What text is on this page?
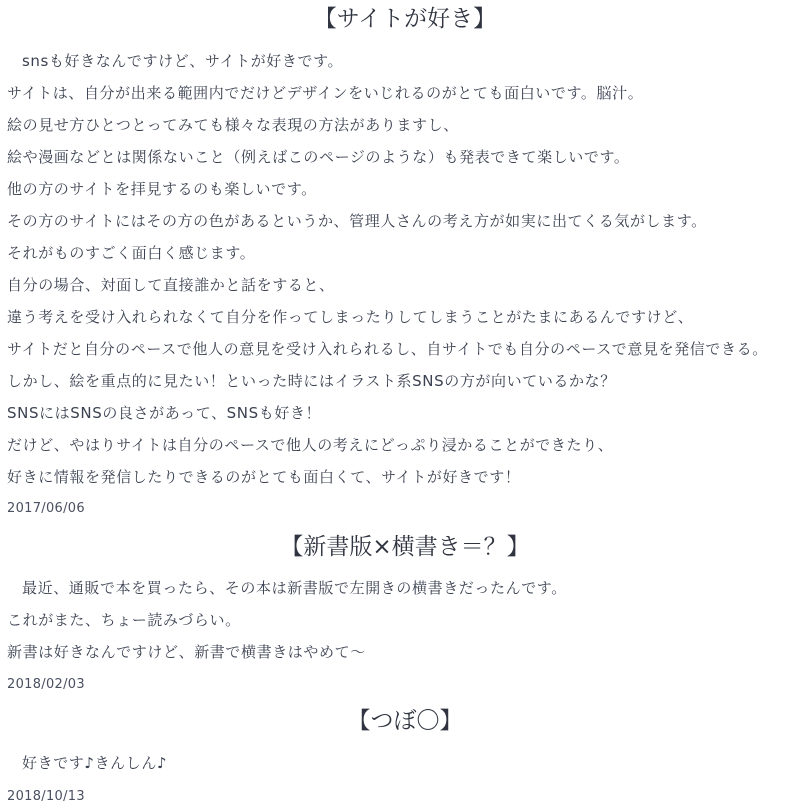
【サイトが好き】
snsも好きなんですけど、サイトが好きです。
サイトは、自分が出来る範囲内でだけどデザインをいじれるのがとても面白いです。脳汁。
絵の見せ方ひとつとってみても様々な表現の方法がありますし、
絵や漫画などとは関係ないこと（例えばこのページのような）も発表できて楽しいです。
他の方のサイトを拝見するのも楽しいです。
その方のサイトにはその方の色があるというか、管理人さんの考え方が如実に出てくる気がします。
それがものすごく面白く感じます。
自分の場合、対面して直接誰かと話をすると、
違う考えを受け入れられなくて自分を作ってしまったりしてしまうことがたまにあるんですけど、
サイトだと自分のペースで他人の意見を受け入れられるし、自サイトでも自分のペースで意見を発信できる。
しかし、絵を重点的に見たい！といった時にはイラスト系SNSの方が向いているかな？
SNSにはSNSの良さがあって、SNSも好き！
だけど、やはりサイトは自分のペースで他人の考えにどっぷり浸かることができたり、
好きに情報を発信したりできるのがとても面白くて、サイトが好きです！
2017/06/06
【新書版×横書き＝？】
最近、通販で本を買ったら、その本は新書版で左開きの横書きだったんです。
これがまた、ちょー読みづらい。
新書は好きなんですけど、新書で横書きはやめて～
2018/02/03
【つぼ〇】
好きです♪きんしん♪
2018/10/13
